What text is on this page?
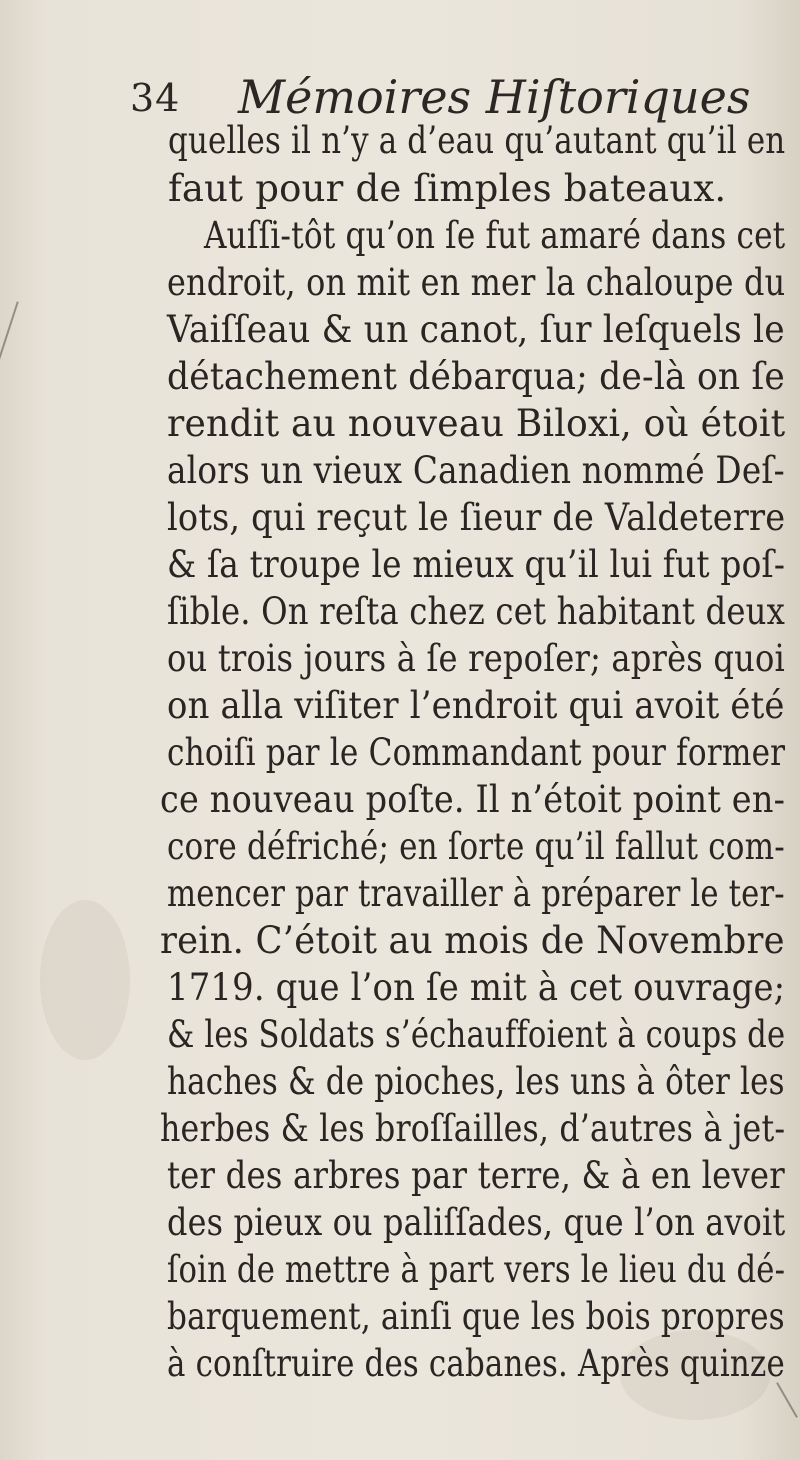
34 Mémoires Hiſtoriques
quelles il n’y a d’eau qu’autant qu’il en
faut pour de ſimples bateaux.
Auſſi-tôt qu’on ſe fut amaré dans cet
endroit, on mit en mer la chaloupe du
Vaiſſeau & un canot, ſur leſquels le
détachement débarqua; de-là on ſe
rendit au nouveau Biloxi, où étoit
alors un vieux Canadien nommé Deſ-
lots, qui reçut le ſieur de Valdeterre
& ſa troupe le mieux qu’il lui fut poſ-
ſible. On reſta chez cet habitant deux
ou trois jours à ſe repoſer; après quoi
on alla viſiter l’endroit qui avoit été
choiſi par le Commandant pour former
ce nouveau poſte. Il n’étoit point en-
core défriché; en ſorte qu’il fallut com-
mencer par travailler à préparer le ter-
rein. C’étoit au mois de Novembre
1719. que l’on ſe mit à cet ouvrage;
& les Soldats s’échauffoient à coups de
haches & de pioches, les uns à ôter les
herbes & les broſſailles, d’autres à jet-
ter des arbres par terre, & à en lever
des pieux ou paliſſades, que l’on avoit
ſoin de mettre à part vers le lieu du dé-
barquement, ainſi que les bois propres
à conſtruire des cabanes. Après quinze
